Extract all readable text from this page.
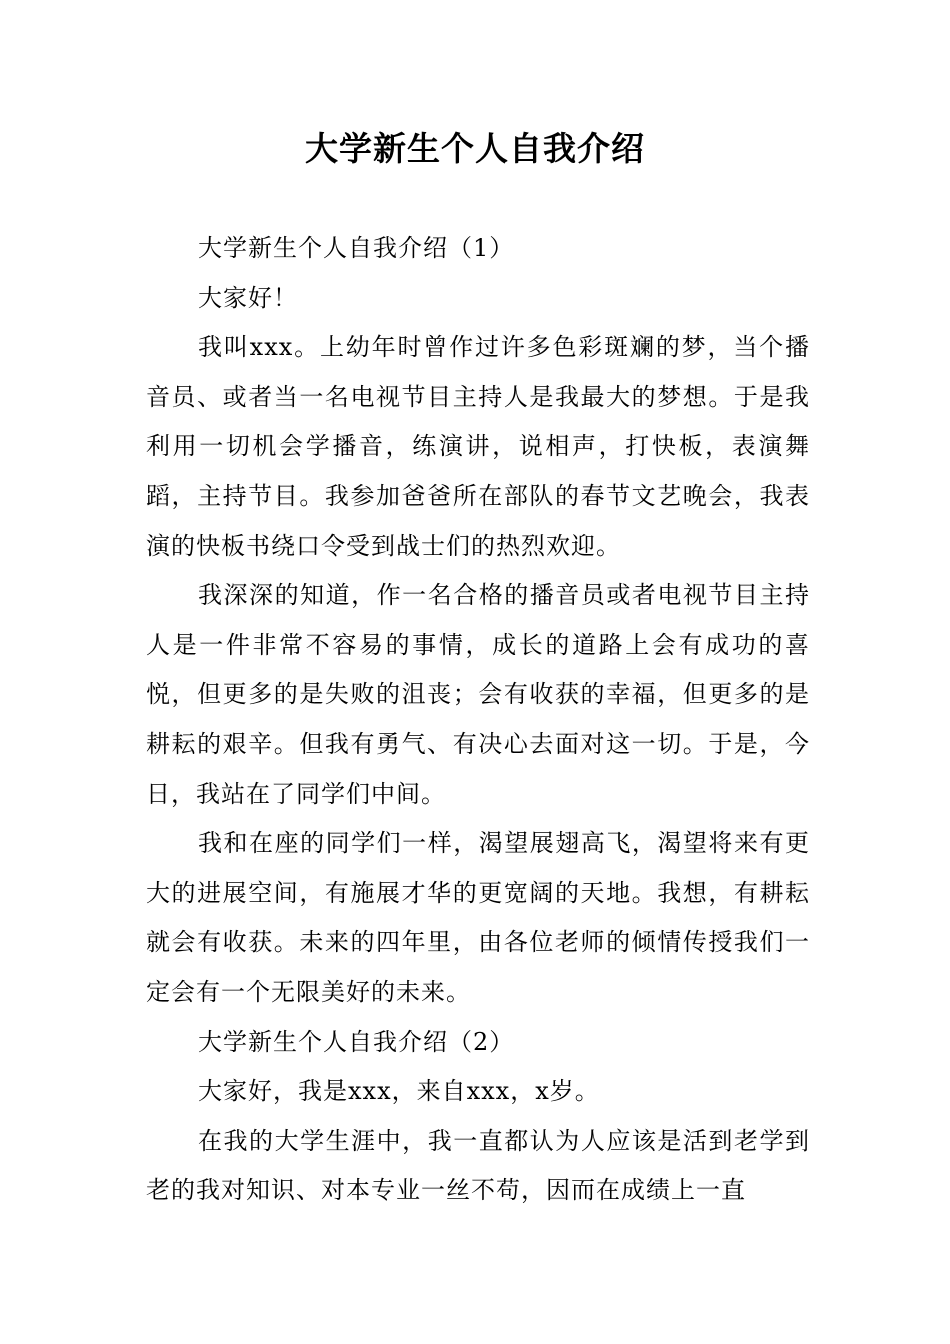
大学新生个人自我介绍

大学新生个人自我介绍（1）

大家好！

我叫xxx。上幼年时曾作过许多色彩斑斓的梦，当个播音员、或者当一名电视节目主持人是我最大的梦想。于是我利用一切机会学播音，练演讲，说相声，打快板，表演舞蹈，主持节目。我参加爸爸所在部队的春节文艺晚会，我表演的快板书绕口令受到战士们的热烈欢迎。

我深深的知道，作一名合格的播音员或者电视节目主持人是一件非常不容易的事情，成长的道路上会有成功的喜悦，但更多的是失败的沮丧；会有收获的幸福，但更多的是耕耘的艰辛。但我有勇气、有决心去面对这一切。于是，今日，我站在了同学们中间。

我和在座的同学们一样，渴望展翅高飞，渴望将来有更大的进展空间，有施展才华的更宽阔的天地。我想，有耕耘就会有收获。未来的四年里，由各位老师的倾情传授我们一定会有一个无限美好的未来。

大学新生个人自我介绍（2）

大家好，我是xxx，来自xxx，x岁。

在我的大学生涯中，我一直都认为人应该是活到老学到老的我对知识、对本专业一丝不苟，因而在成绩上一直
